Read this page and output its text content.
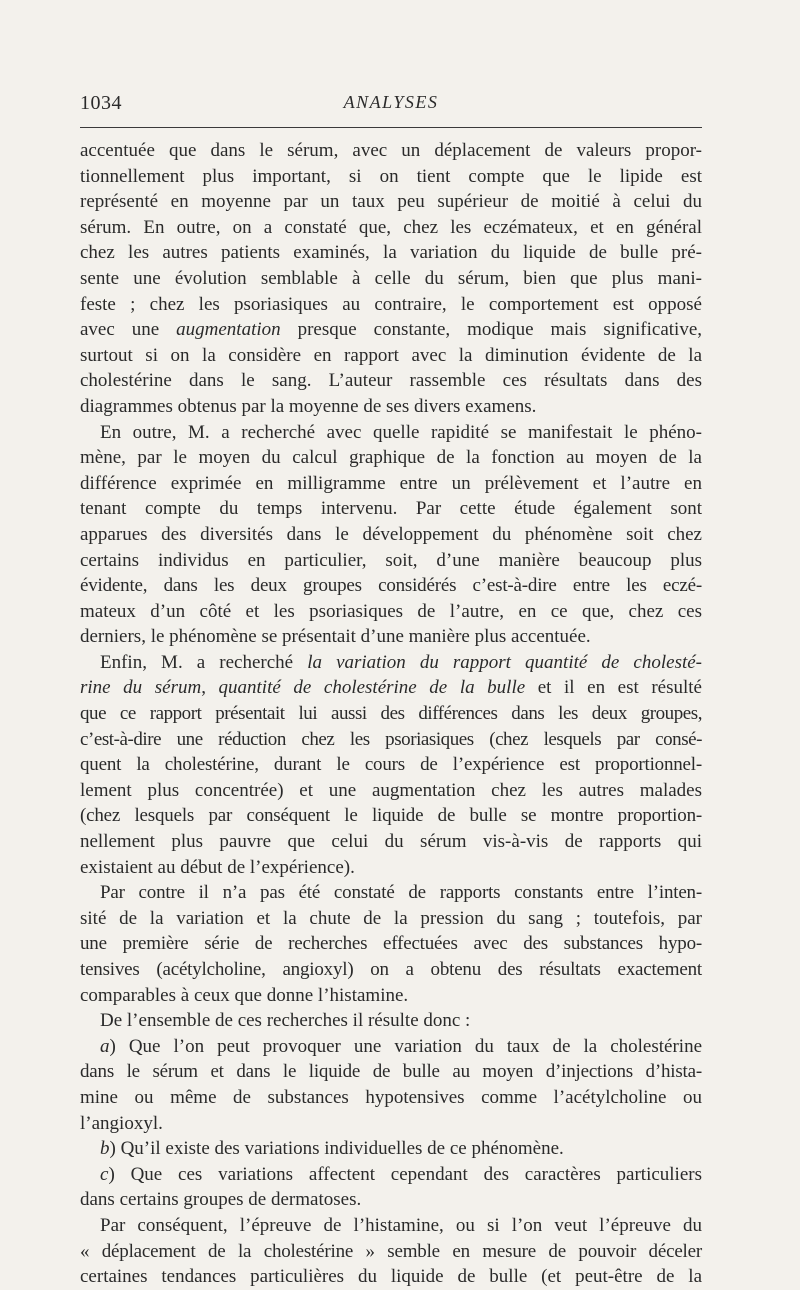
1034	ANALYSES

accentuée que dans le sérum, avec un déplacement de valeurs propor-
tionnellement plus important, si on tient compte que le lipide est
représenté en moyenne par un taux peu supérieur de moitié à celui du
sérum. En outre, on a constaté que, chez les eczémateux, et en général
chez les autres patients examinés, la variation du liquide de bulle pré-
sente une évolution semblable à celle du sérum, bien que plus mani-
feste ; chez les psoriasiques au contraire, le comportement est opposé
avec une augmentation presque constante, modique mais significative,
surtout si on la considère en rapport avec la diminution évidente de la
cholestérine dans le sang. L’auteur rassemble ces résultats dans des
diagrammes obtenus par la moyenne de ses divers examens.

En outre, M. a recherché avec quelle rapidité se manifestait le phéno-
mène, par le moyen du calcul graphique de la fonction au moyen de la
différence exprimée en milligramme entre un prélèvement et l’autre en
tenant compte du temps intervenu. Par cette étude également sont
apparues des diversités dans le développement du phénomène soit chez
certains individus en particulier, soit, d’une manière beaucoup plus
évidente, dans les deux groupes considérés c’est-à-dire entre les eczé-
mateux d’un côté et les psoriasiques de l’autre, en ce que, chez ces
derniers, le phénomène se présentait d’une manière plus accentuée.

Enfin, M. a recherché la variation du rapport quantité de cholesté-
rine du sérum, quantité de cholestérine de la bulle et il en est résulté
que ce rapport présentait lui aussi des différences dans les deux groupes,
c’est-à-dire une réduction chez les psoriasiques (chez lesquels par consé-
quent la cholestérine, durant le cours de l’expérience est proportionnel-
lement plus concentrée) et une augmentation chez les autres malades
(chez lesquels par conséquent le liquide de bulle se montre proportion-
nellement plus pauvre que celui du sérum vis-à-vis de rapports qui
existaient au début de l’expérience).

Par contre il n’a pas été constaté de rapports constants entre l’inten-
sité de la variation et la chute de la pression du sang ; toutefois, par
une première série de recherches effectuées avec des substances hypo-
tensives (acétylcholine, angioxyl) on a obtenu des résultats exactement
comparables à ceux que donne l’histamine.

De l’ensemble de ces recherches il résulte donc :

a) Que l’on peut provoquer une variation du taux de la cholestérine
dans le sérum et dans le liquide de bulle au moyen d’injections d’hista-
mine ou même de substances hypotensives comme l’acétylcholine ou
l’angioxyl.

b) Qu’il existe des variations individuelles de ce phénomène.

c) Que ces variations affectent cependant des caractères particuliers
dans certains groupes de dermatoses.

Par conséquent, l’épreuve de l’histamine, ou si l’on veut l’épreuve du
« déplacement de la cholestérine » semble en mesure de pouvoir déceler
certaines tendances particulières du liquide de bulle (et peut-être de la
